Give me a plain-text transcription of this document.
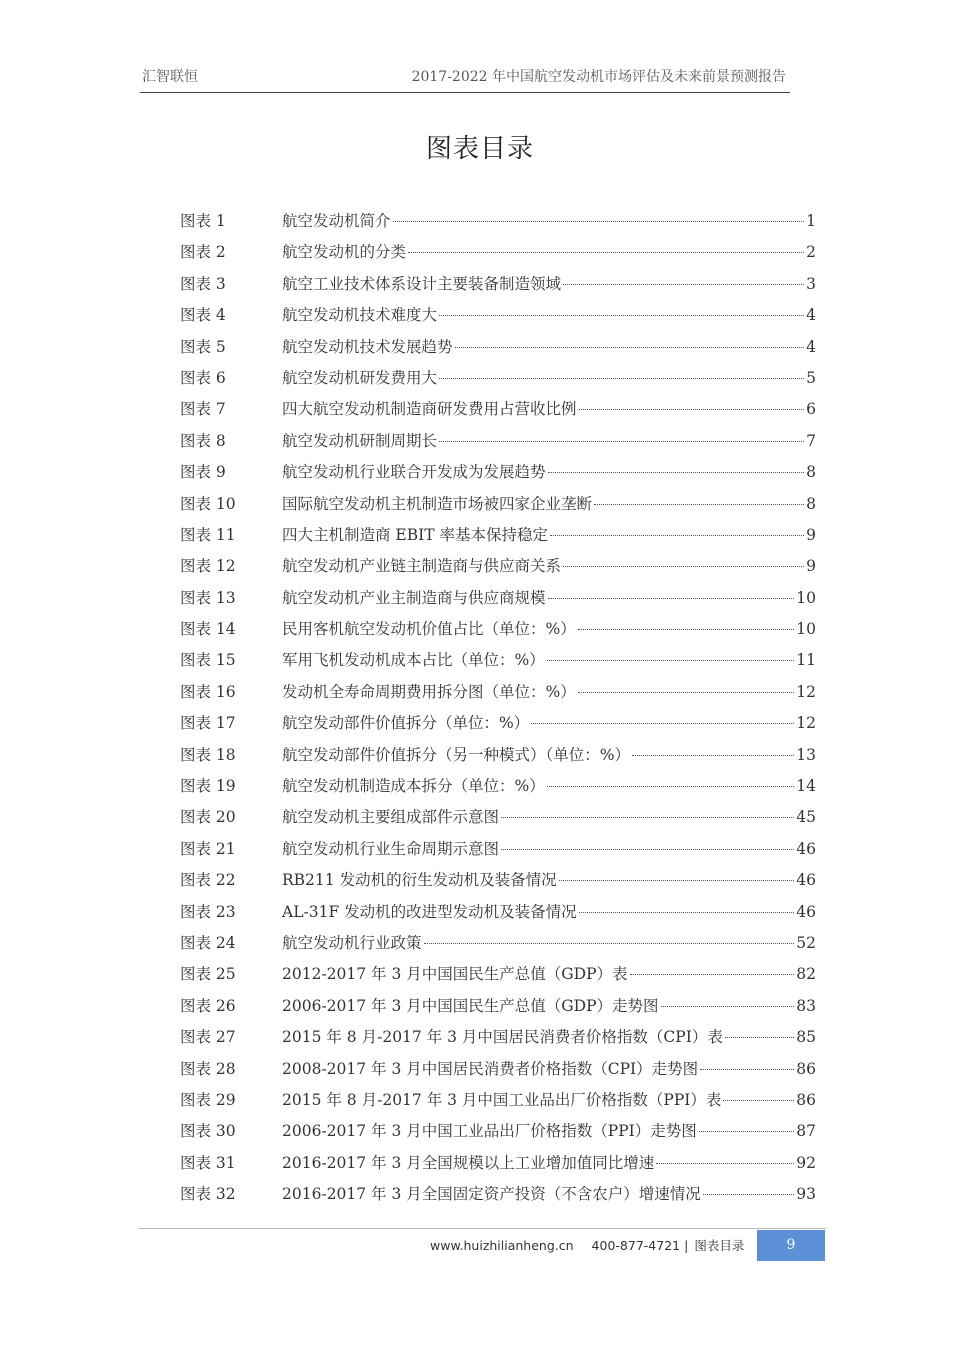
汇智联恒	2017-2022 年中国航空发动机市场评估及未来前景预测报告
图表目录
图表 1	航空发动机简介	1
图表 2	航空发动机的分类	2
图表 3	航空工业技术体系设计主要装备制造领域	3
图表 4	航空发动机技术难度大	4
图表 5	航空发动机技术发展趋势	4
图表 6	航空发动机研发费用大	5
图表 7	四大航空发动机制造商研发费用占营收比例	6
图表 8	航空发动机研制周期长	7
图表 9	航空发动机行业联合开发成为发展趋势	8
图表 10	国际航空发动机主机制造市场被四家企业垄断	8
图表 11	四大主机制造商 EBIT 率基本保持稳定	9
图表 12	航空发动机产业链主制造商与供应商关系	9
图表 13	航空发动机产业主制造商与供应商规模	10
图表 14	民用客机航空发动机价值占比（单位：%）	10
图表 15	军用飞机发动机成本占比（单位：%）	11
图表 16	发动机全寿命周期费用拆分图（单位：%）	12
图表 17	航空发动部件价值拆分（单位：%）	12
图表 18	航空发动部件价值拆分（另一种模式）（单位：%）	13
图表 19	航空发动机制造成本拆分（单位：%）	14
图表 20	航空发动机主要组成部件示意图	45
图表 21	航空发动机行业生命周期示意图	46
图表 22	RB211 发动机的衍生发动机及装备情况	46
图表 23	AL-31F 发动机的改进型发动机及装备情况	46
图表 24	航空发动机行业政策	52
图表 25	2012-2017 年 3 月中国国民生产总值（GDP）表	82
图表 26	2006-2017 年 3 月中国国民生产总值（GDP）走势图	83
图表 27	2015 年 8 月-2017 年 3 月中国居民消费者价格指数（CPI）表	85
图表 28	2008-2017 年 3 月中国居民消费者价格指数（CPI）走势图	86
图表 29	2015 年 8 月-2017 年 3 月中国工业品出厂价格指数（PPI）表	86
图表 30	2006-2017 年 3 月中国工业品出厂价格指数（PPI）走势图	87
图表 31	2016-2017 年 3 月全国规模以上工业增加值同比增速	92
图表 32	2016-2017 年 3 月全国固定资产投资（不含农户）增速情况	93
www.huizhilianheng.cn 400-877-4721 | 图表目录	9
